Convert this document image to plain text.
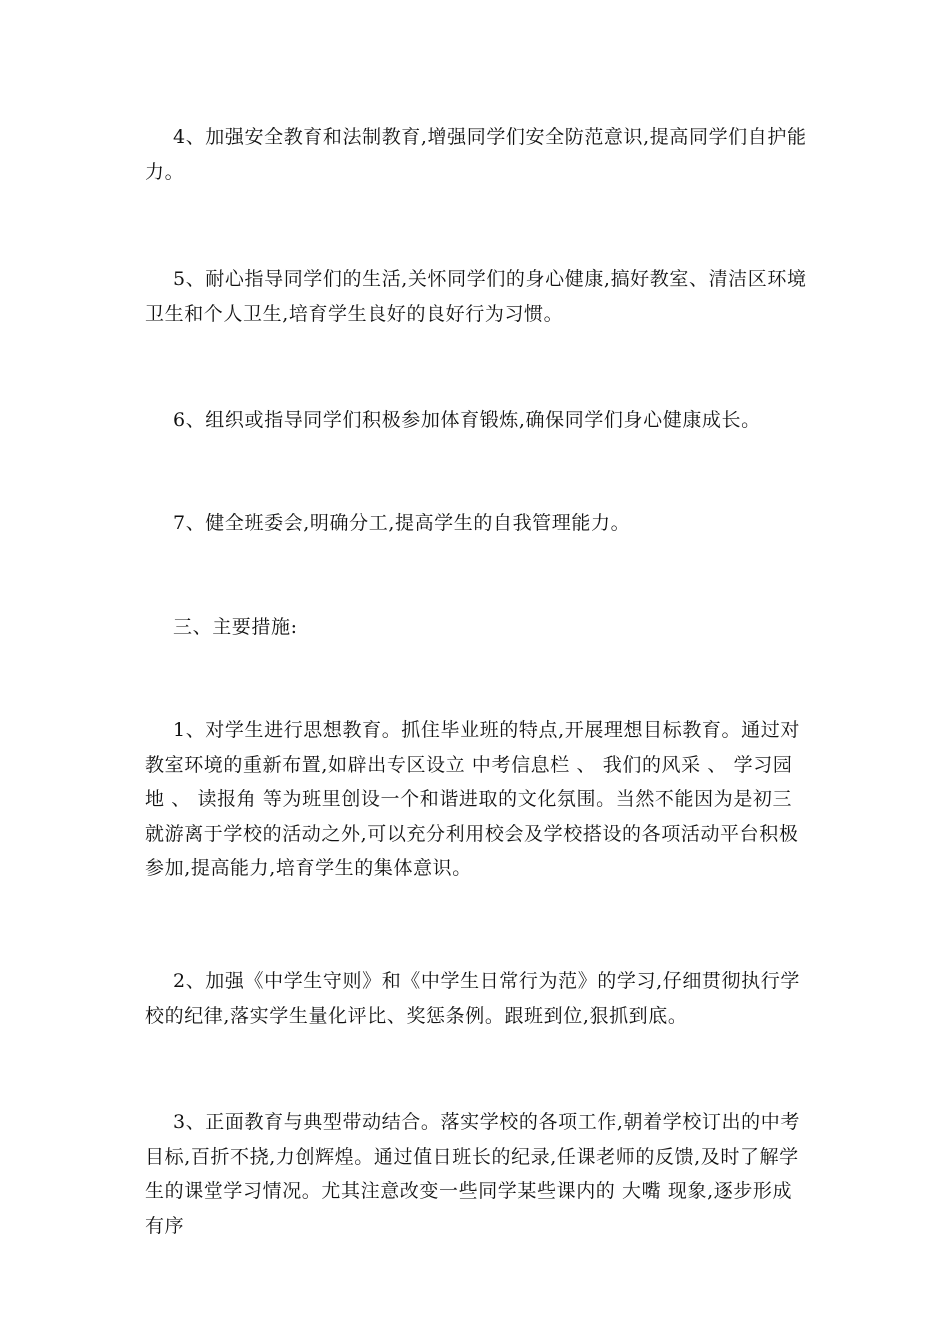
4、加强安全教育和法制教育,增强同学们安全防范意识,提高同学们自护能力。

5、耐心指导同学们的生活,关怀同学们的身心健康,搞好教室、清洁区环境卫生和个人卫生,培育学生良好的良好行为习惯。

6、组织或指导同学们积极参加体育锻炼,确保同学们身心健康成长。

7、健全班委会,明确分工,提高学生的自我管理能力。

三、主要措施:

1、对学生进行思想教育。抓住毕业班的特点,开展理想目标教育。通过对教室环境的重新布置,如辟出专区设立 中考信息栏 、 我们的风采 、 学习园地 、 读报角 等为班里创设一个和谐进取的文化氛围。当然不能因为是初三就游离于学校的活动之外,可以充分利用校会及学校搭设的各项活动平台积极参加,提高能力,培育学生的集体意识。

2、加强《中学生守则》和《中学生日常行为范》的学习,仔细贯彻执行学校的纪律,落实学生量化评比、奖惩条例。跟班到位,狠抓到底。

3、正面教育与典型带动结合。落实学校的各项工作,朝着学校订出的中考目标,百折不挠,力创辉煌。通过值日班长的纪录,任课老师的反馈,及时了解学生的课堂学习情况。尤其注意改变一些同学某些课内的 大嘴 现象,逐步形成有序
